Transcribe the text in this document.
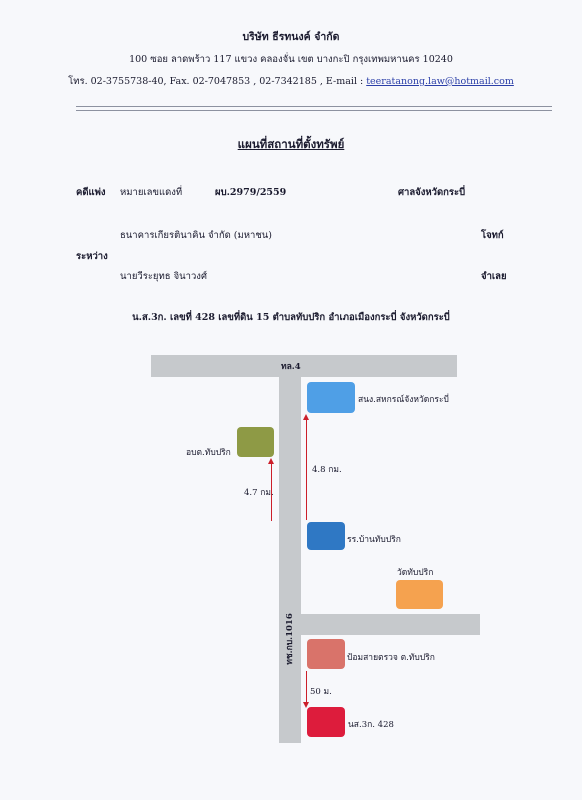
บริษัท ธีรทนงค์ จำกัด
100 ซอย ลาดพร้าว 117 แขวง คลองจั่น เขต บางกะปิ กรุงเทพมหานคร 10240
โทร. 02-3755738-40, Fax. 02-7047853 , 02-7342185 , E-mail : teeratanong.law@hotmail.com
แผนที่สถานที่ตั้งทรัพย์
คดีแพ่ง หมายเลขแดงที่	ผบ.2979/2559	ศาลจังหวัดกระบี่
ธนาคารเกียรตินาคิน จำกัด (มหาชน)	โจทก์
ระหว่าง
นายวีระยุทธ จินาวงศ์	จำเลย
น.ส.3ก. เลขที่ 428 เลขที่ดิน 15 ตำบลทับปริก อำเภอเมืองกระบี่ จังหวัดกระบี่
ทล.4
ทช.กบ.1016
สนง.สหกรณ์จังหวัดกระบี่
อบต.ทับปริก
รร.บ้านทับปริก
วัดทับปริก
ป้อมสายตรวจ ต.ทับปริก
นส.3ก. 428
4.8 กม.
4.7 กม.
50 ม.
